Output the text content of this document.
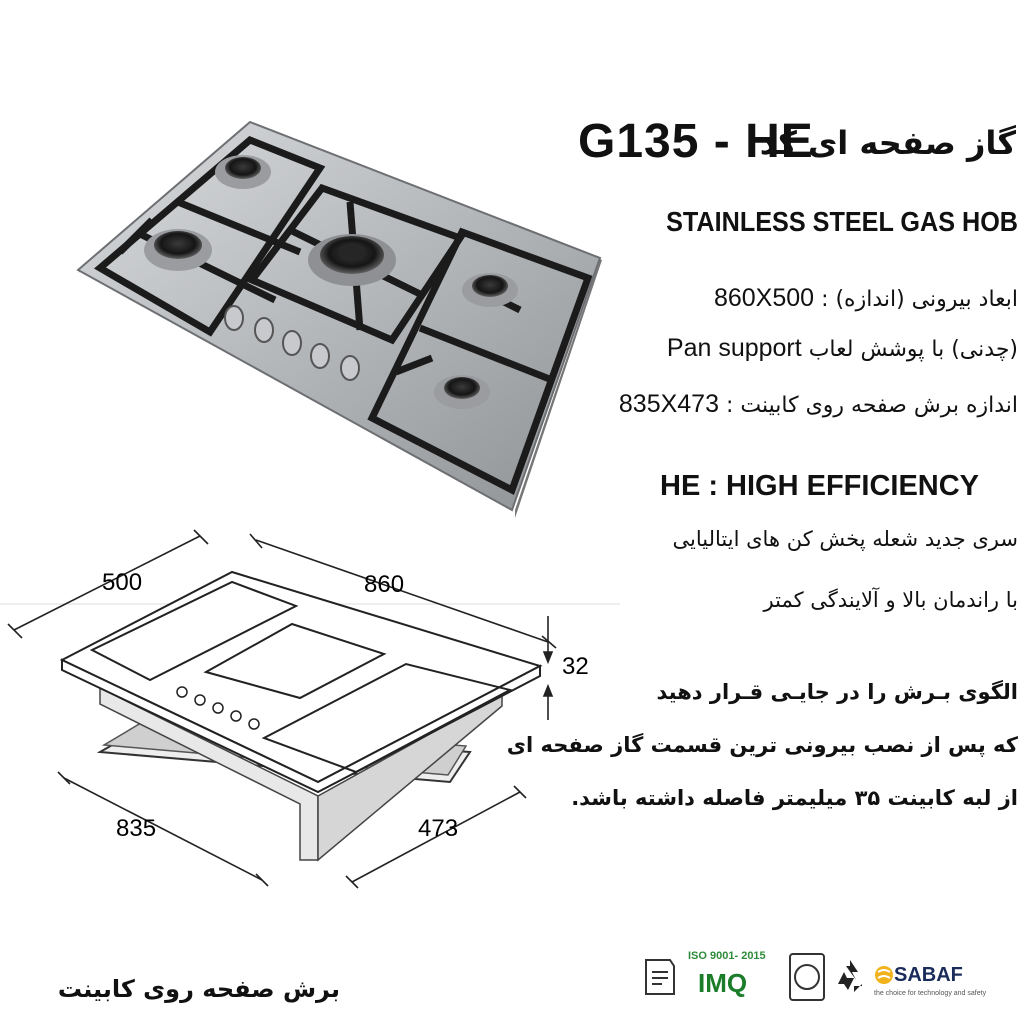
G135 - HE
گاز صفحه ای کد
STAINLESS STEEL GAS HOB
ابعاد بیرونی (اندازه) : 860X500
(چدنی) با پوشش لعاب Pan support
اندازه برش صفحه روی کابینت : 835X473
HE : HIGH EFFICIENCY
سری جدید شعله پخش کن های ایتالیایی
با راندمان بالا و آلایندگی کمتر
الگوی بـرش را در جایـی قـرار دهید
که پس از نصب بیرونی ترین قسمت گاز صفحه ای
از لبه کابینت ۳۵ میلیمتر فاصله داشته باشد.
500	860
32
835	473
برش صفحه روی کابینت
ISO 9001- 2015
IMQ	SABAF
the choice for technology and safety
